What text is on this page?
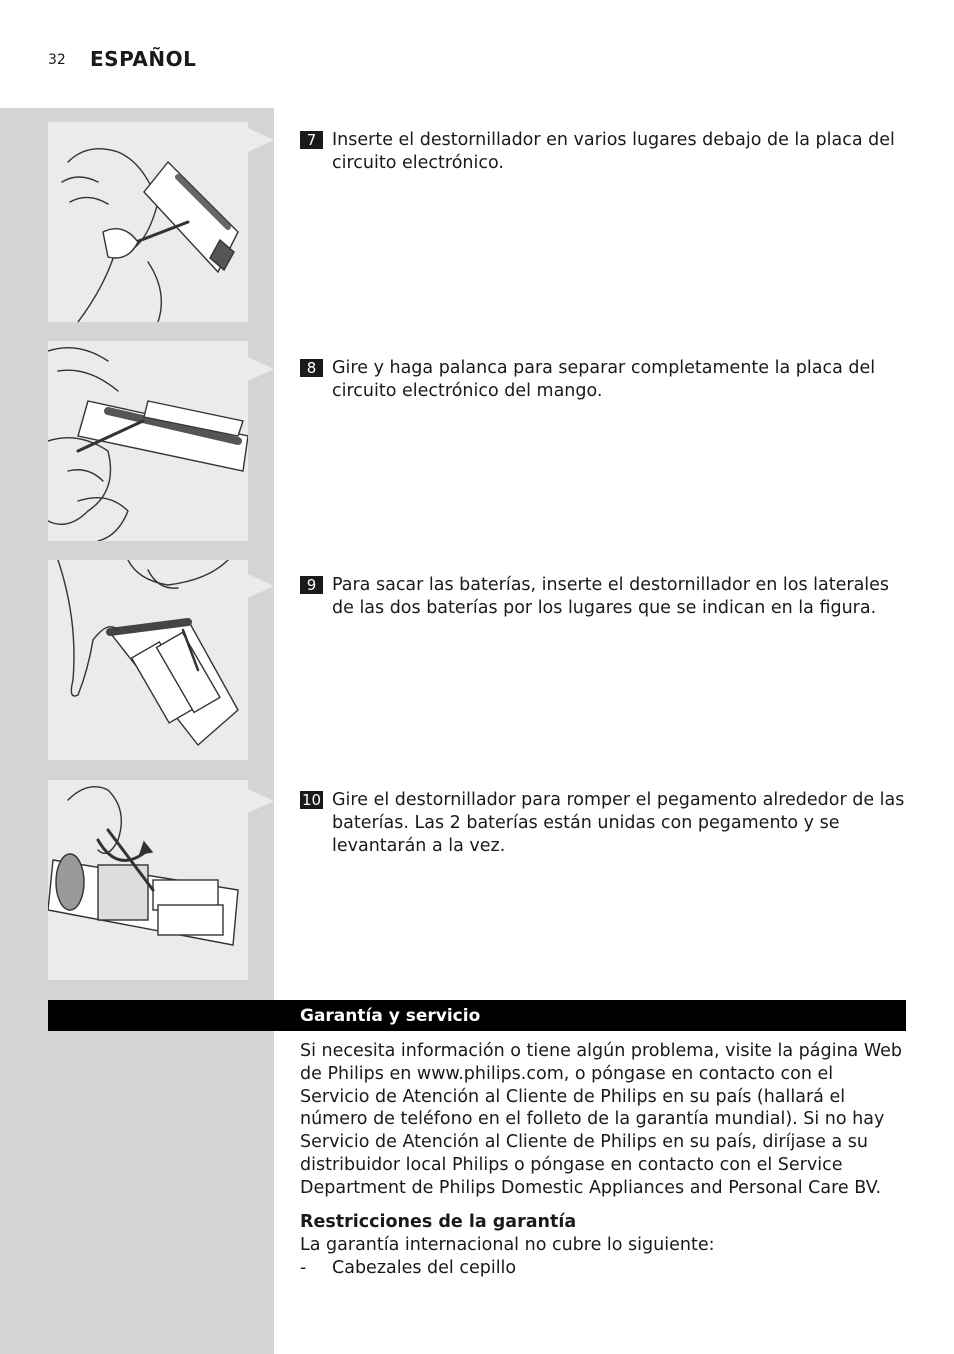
32 ESPAÑOL
7 Inserte el destornillador en varios lugares debajo de la placa del circuito electrónico.
8 Gire y haga palanca para separar completamente la placa del circuito electrónico del mango.
9 Para sacar las baterías, inserte el destornillador en los laterales de las dos baterías por los lugares que se indican en la figura.
10 Gire el destornillador para romper el pegamento alrededor de las baterías. Las 2 baterías están unidas con pegamento y se levantarán a la vez.
Garantía y servicio
Si necesita información o tiene algún problema, visite la página Web de Philips en www.philips.com, o póngase en contacto con el Servicio de Atención al Cliente de Philips en su país (hallará el número de teléfono en el folleto de la garantía mundial). Si no hay Servicio de Atención al Cliente de Philips en su país, diríjase a su distribuidor local Philips o póngase en contacto con el Service Department de Philips Domestic Appliances and Personal Care BV.
Restricciones de la garantía
La garantía internacional no cubre lo siguiente:
- Cabezales del cepillo
